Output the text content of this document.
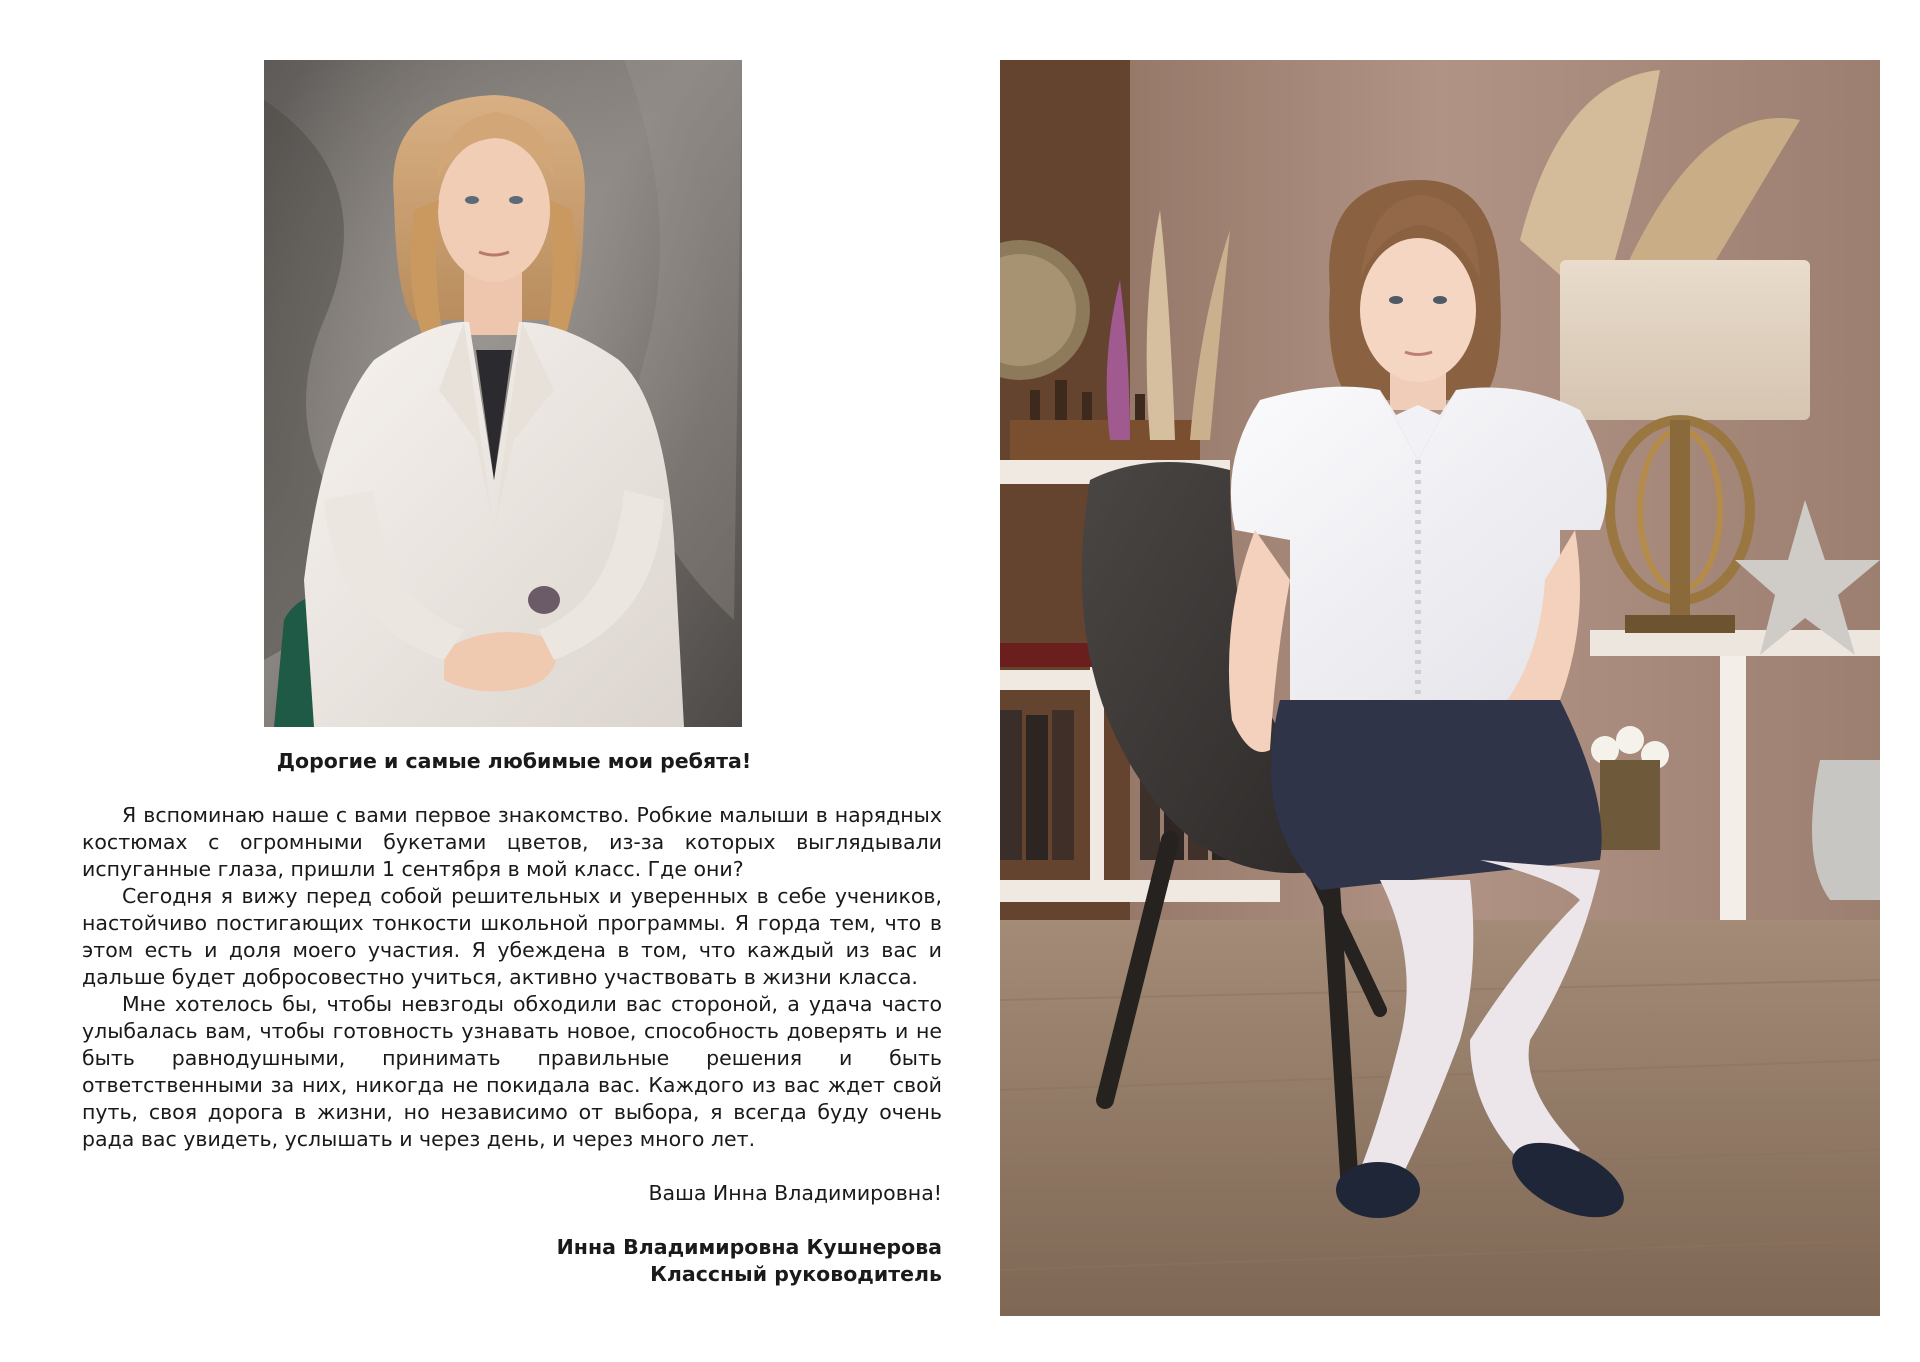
Дорогие и самые любимые мои ребята!

Я вспоминаю наше с вами первое знакомство. Робкие малыши в нарядных костюмах с огромными букетами цветов, из-за которых выглядывали испуганные глаза, пришли 1 сентября в мой класс. Где они?

Сегодня я вижу перед собой решительных и уверенных в себе учеников, настойчиво постигающих тонкости школьной программы. Я горда тем, что в этом есть и доля моего участия. Я убеждена в том, что каждый из вас и дальше будет добросовестно учиться, активно участвовать в жизни класса.

Мне хотелось бы, чтобы невзгоды обходили вас стороной, а удача часто улыбалась вам, чтобы готовность узнавать новое, способность доверять и не быть равнодушными, принимать правильные решения и быть ответственными за них, никогда не покидала вас. Каждого из вас ждет свой путь, своя дорога в жизни, но независимо от выбора, я всегда буду очень рада вас увидеть, услышать и через день, и через много лет.

Ваша Инна Владимировна!

Инна Владимировна Кушнерова
Классный руководитель
